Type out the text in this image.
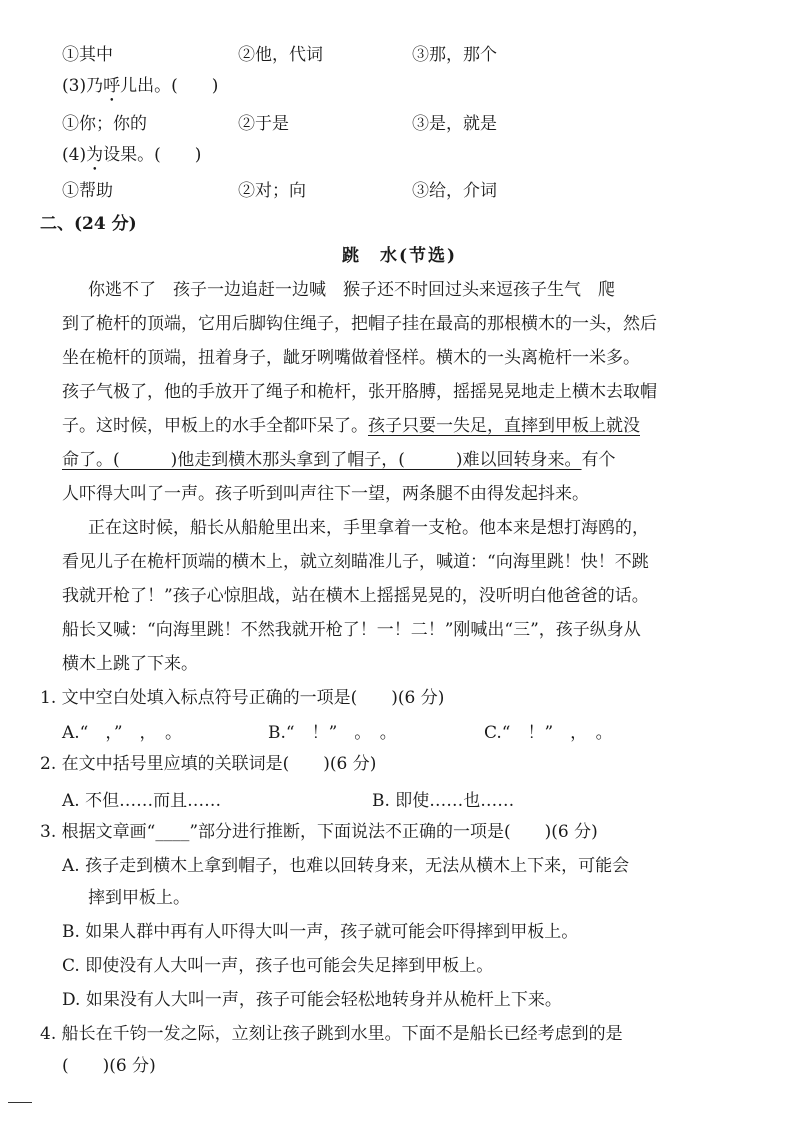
①其中	②他，代词	③那，那个
(3)乃呼儿出。(　　)
①你；你的	②于是	③是，就是
(4)为设果。(　　)
①帮助	②对；向	③给，介词
二、(24 分)
跳　水(节选)
你逃不了　孩子一边追赶一边喊　猴子还不时回过头来逗孩子生气　爬
到了桅杆的顶端，它用后脚钩住绳子，把帽子挂在最高的那根横木的一头，然后
坐在桅杆的顶端，扭着身子，龇牙咧嘴做着怪样。横木的一头离桅杆一米多。
孩子气极了，他的手放开了绳子和桅杆，张开胳膊，摇摇晃晃地走上横木去取帽
子。这时候，甲板上的水手全都吓呆了。孩子只要一失足，直摔到甲板上就没
命了。(　　　)他走到横木那头拿到了帽子，(　　　)难以回转身来。有个
人吓得大叫了一声。孩子听到叫声往下一望，两条腿不由得发起抖来。
正在这时候，船长从船舱里出来，手里拿着一支枪。他本来是想打海鸥的，
看见儿子在桅杆顶端的横木上，就立刻瞄准儿子，喊道：“向海里跳！快！不跳
我就开枪了！”孩子心惊胆战，站在横木上摇摇晃晃的，没听明白他爸爸的话。
船长又喊：“向海里跳！不然我就开枪了！一！二！”刚喊出“三”，孩子纵身从
横木上跳了下来。
1. 文中空白处填入标点符号正确的一项是(　　)(6 分)
A.“　，”　，　。	B.“　！”　。　。	C.“　！”　，　。
2. 在文中括号里应填的关联词是(　　)(6 分)
A. 不但……而且……	B. 即使……也……
3. 根据文章画“____”部分进行推断，下面说法不正确的一项是(　　)(6 分)
A. 孩子走到横木上拿到帽子，也难以回转身来，无法从横木上下来，可能会
摔到甲板上。
B. 如果人群中再有人吓得大叫一声，孩子就可能会吓得摔到甲板上。
C. 即使没有人大叫一声，孩子也可能会失足摔到甲板上。
D. 如果没有人大叫一声，孩子可能会轻松地转身并从桅杆上下来。
4. 船长在千钧一发之际，立刻让孩子跳到水里。下面不是船长已经考虑到的是
(　　)(6 分)
